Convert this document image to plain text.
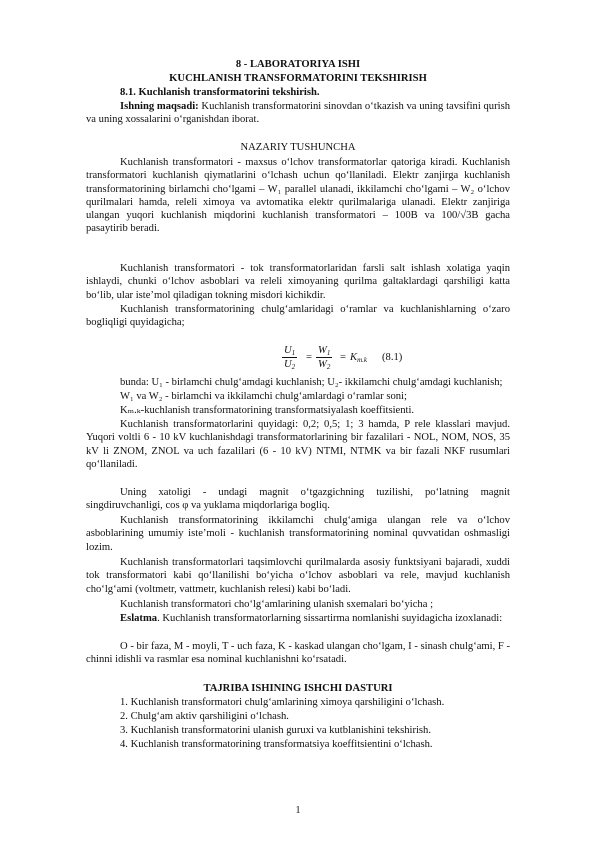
8 - LABORATORIYA ISHI

KUCHLANISH TRANSFORMATORINI TEKSHIRISH

8.1. Kuchlanish transformatorini tekshirish.

Ishning maqsadi: Kuchlanish transformatorini sinovdan o‘tkazish va uning tavsifini qurish va uning xossalarini o‘rganishdan iborat.

NAZARIY TUSHUNCHA

Kuchlanish transformatori - maxsus o‘lchov transformatorlar qatoriga kiradi. Kuchlanish transformatori kuchlanish qiymatlarini o‘lchash uchun qo‘llaniladi. Elektr zanjirga kuchlanish transformatorining birlamchi cho‘lgami – W₁ parallel ulanadi, ikkilamchi cho‘lgami – W₂ o‘lchov qurilmalari hamda, releli ximoya va avtomatika elektr qurilmalariga ulanadi. Elektr zanjiriga ulangan yuqori kuchlanish miqdorini kuchlanish transformatori – 100B va 100/√3B gacha pasaytirib beradi.

Kuchlanish transformatori - tok transformatorlaridan farsli salt ishlash xolatiga yaqin ishlaydi, chunki o‘lchov asboblari va releli ximoyaning qurilma galtaklardagi qarshiligi katta bo‘lib, ular iste’mol qiladigan tokning misdori kichikdir.

Kuchlanish transformatorining chulg‘amlaridagi o‘ramlar va kuchlanishlarning o‘zaro bogliqligi quyidagicha;

$\frac{U_1}{U_2} = \frac{W_1}{W_2} = K_{m.k}$ (8.1)

bunda: U₁ - birlamchi chulg‘amdagi kuchlanish; U₂- ikkilamchi chulg‘amdagi kuchlanish;

W₁ va W₂ - birlamchi va ikkilamchi chulg‘amlardagi o‘ramlar soni;

Kₘ.ₖ-kuchlanish transformatorining transformatsiyalash koeffitsienti.

Kuchlanish transformatorlarini quyidagi: 0,2; 0,5; 1; 3 hamda, P rele klasslari mavjud. Yuqori voltli 6 - 10 kV kuchlanishdagi transformatorlarining bir fazalilari - NOL, NOM, NOS, 35 kV li ZNOM, ZNOL va uch fazalilari (6 - 10 kV) NTMI, NTMK va bir fazali NKF rusumlari qo‘llaniladi.

Uning xatoligi - undagi magnit o‘tgazgichning tuzilishi, po‘latning magnit singdiruvchanligi, cos φ va yuklama miqdorlariga bogliq.

Kuchlanish transformatorining ikkilamchi chulg‘amiga ulangan rele va o‘lchov asboblarining umumiy iste’moli - kuchlanish transformatorining nominal quvvatidan oshmasligi lozim.

Kuchlanish transformatorlari taqsimlovchi qurilmalarda asosiy funktsiyani bajaradi, xuddi tok transformatori kabi qo‘llanilishi bo‘yicha o‘lchov asboblari va rele, mavjud kuchlanish cho‘lg‘ami (voltmetr, vattmetr, kuchlanish relesi) kabi bo‘ladi.

Kuchlanish transformatori cho‘lg‘amlarining ulanish sxemalari bo‘yicha ;

Eslatma. Kuchlanish transformatorlarning sissartirma nomlanishi suyidagicha izoxlanadi:

O - bir faza, M - moyli, T - uch faza, K - kaskad ulangan cho‘lgam, I - sinash chulg‘ami, F - chinni idishli va rasmlar esa nominal kuchlanishni ko‘rsatadi.

TAJRIBA ISHINING ISHCHI DASTURI

1. Kuchlanish transformatori chulg‘amlarining ximoya qarshiligini o‘lchash.

2. Chulg‘am aktiv qarshiligini o‘lchash.

3. Kuchlanish transformatorini ulanish guruxi va kutblanishini tekshirish.

4. Kuchlanish transformatorining transformatsiya koeffitsientini o‘lchash.

1
